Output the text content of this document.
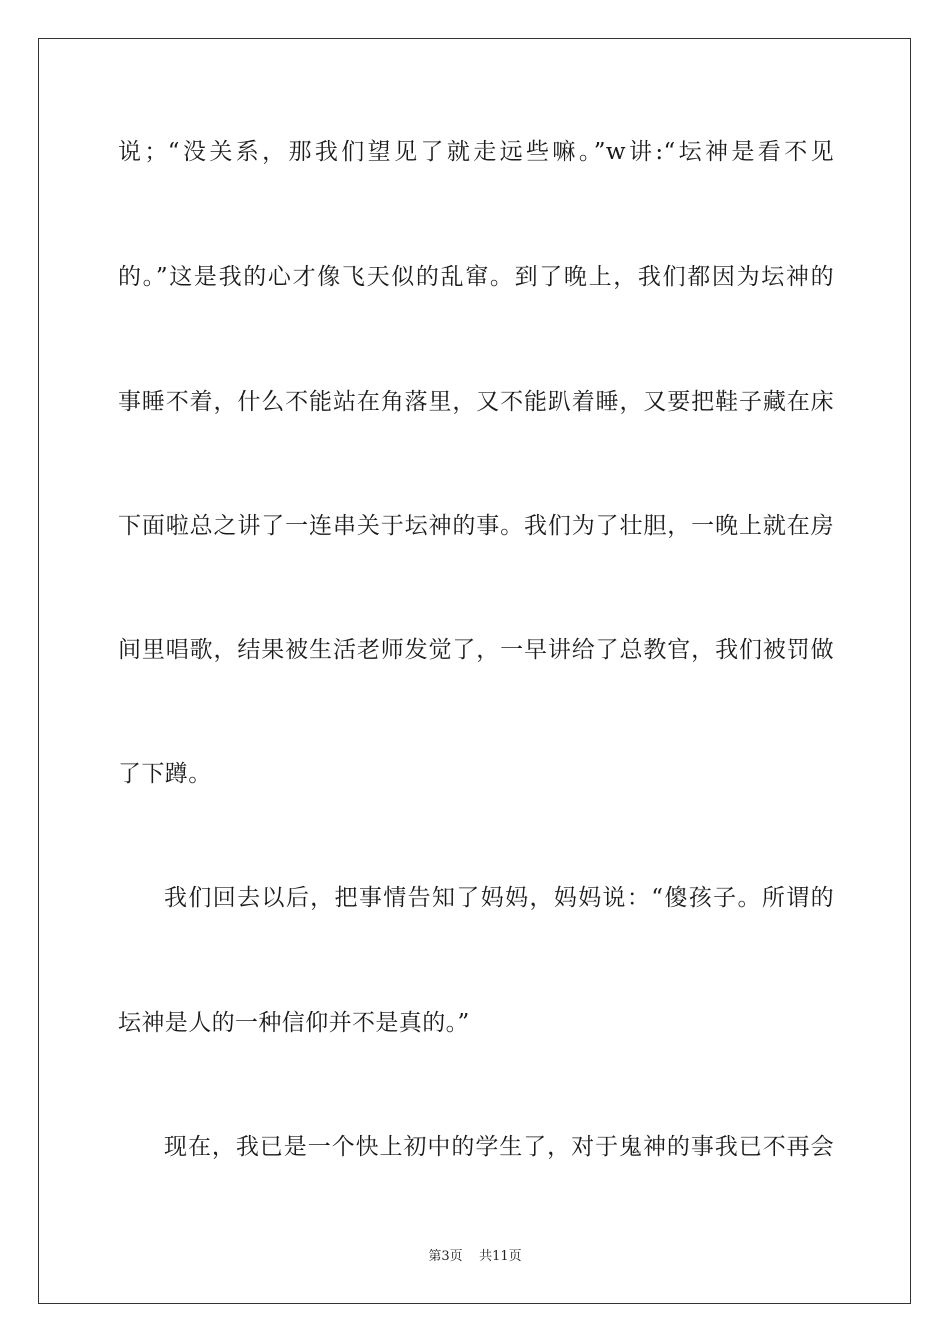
说；“没关系，那我们望见了就走远些嘛。”w讲:“坛神是看不见
的。”这是我的心才像飞天似的乱窜。到了晚上，我们都因为坛神的
事睡不着，什么不能站在角落里，又不能趴着睡，又要把鞋子藏在床
下面啦总之讲了一连串关于坛神的事。我们为了壮胆，一晚上就在房
间里唱歌，结果被生活老师发觉了，一早讲给了总教官，我们被罚做
了下蹲。
我们回去以后，把事情告知了妈妈，妈妈说：“傻孩子。所谓的
坛神是人的一种信仰并不是真的。”
现在，我已是一个快上初中的学生了，对于鬼神的事我已不再会
第3页    共11页
